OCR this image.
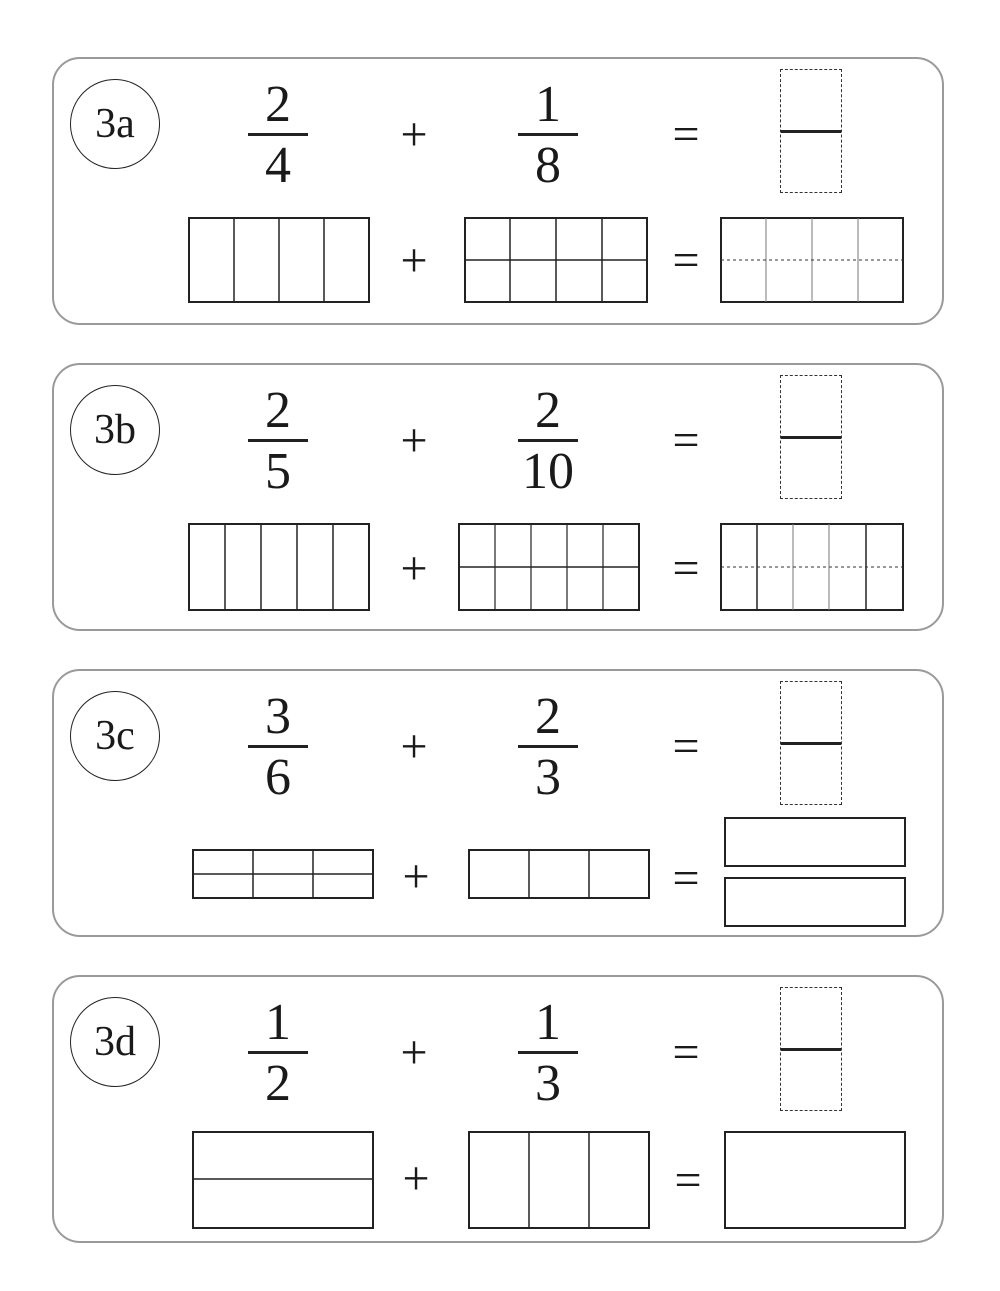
3a	2
4
+
1
8
=
+	=
3b	2
5
+
2
10
=
+	=
3c	3
6
+
2
3
=
+	=
3d	1
2
+
1
3
=
+	=
